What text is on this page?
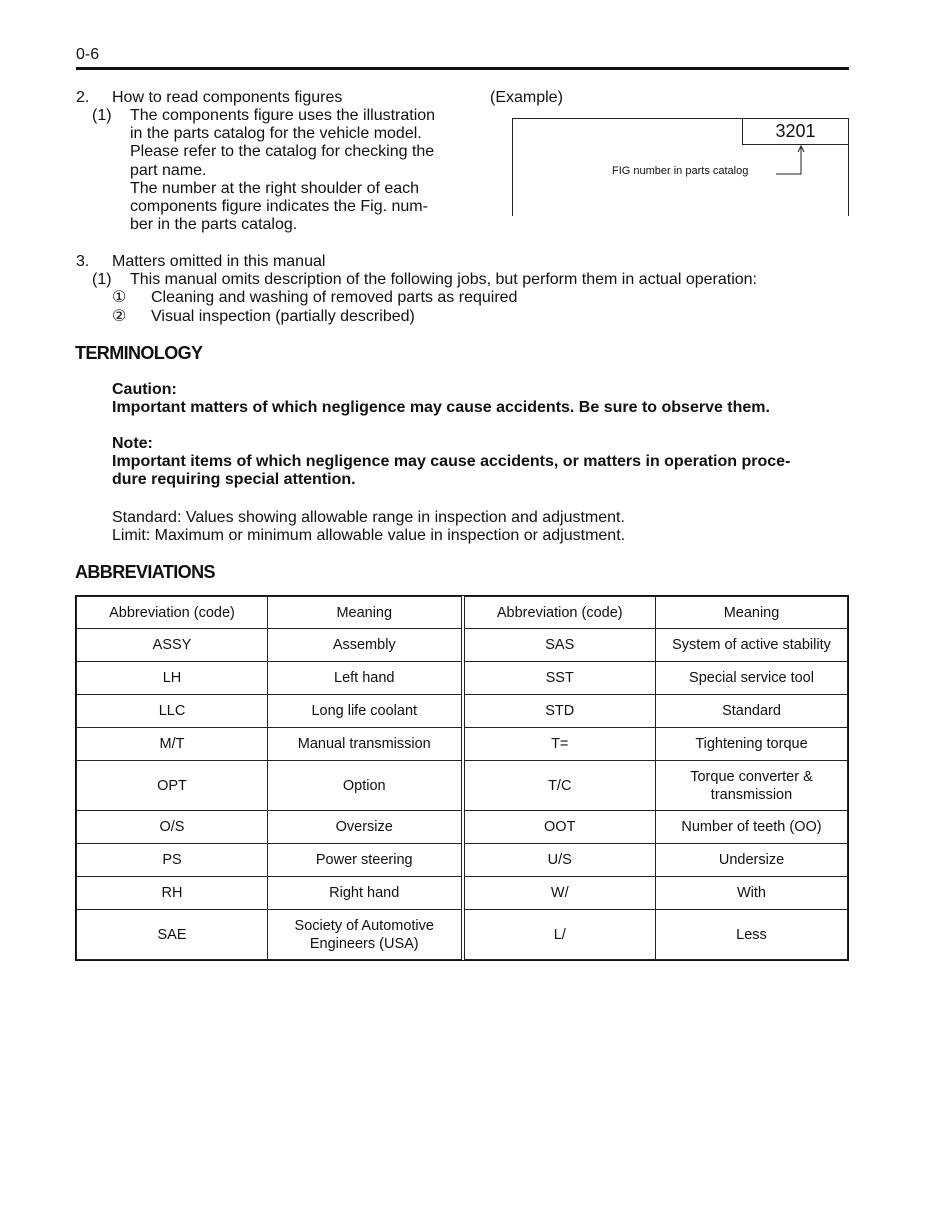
0-6
2. How to read components figures
(1) The components figure uses the illustration
in the parts catalog for the vehicle model.
Please refer to the catalog for checking the
part name.
The number at the right shoulder of each
components figure indicates the Fig. num-
ber in the parts catalog.
(Example)
3201
FIG number in parts catalog
3. Matters omitted in this manual
(1) This manual omits description of the following jobs, but perform them in actual operation:
① Cleaning and washing of removed parts as required
② Visual inspection (partially described)
TERMINOLOGY
Caution:
Important matters of which negligence may cause accidents. Be sure to observe them.
Note:
Important items of which negligence may cause accidents, or matters in operation proce-
dure requiring special attention.
Standard: Values showing allowable range in inspection and adjustment.
Limit: Maximum or minimum allowable value in inspection or adjustment.
ABBREVIATIONS
Abbreviation (code)	Meaning	Abbreviation (code)	Meaning
ASSY	Assembly	SAS	System of active stability
LH	Left hand	SST	Special service tool
LLC	Long life coolant	STD	Standard
M/T	Manual transmission	T=	Tightening torque
OPT	Option	T/C	Torque converter & transmission
O/S	Oversize	OOT	Number of teeth (OO)
PS	Power steering	U/S	Undersize
RH	Right hand	W/	With
SAE	Society of Automotive Engineers (USA)	L/	Less
